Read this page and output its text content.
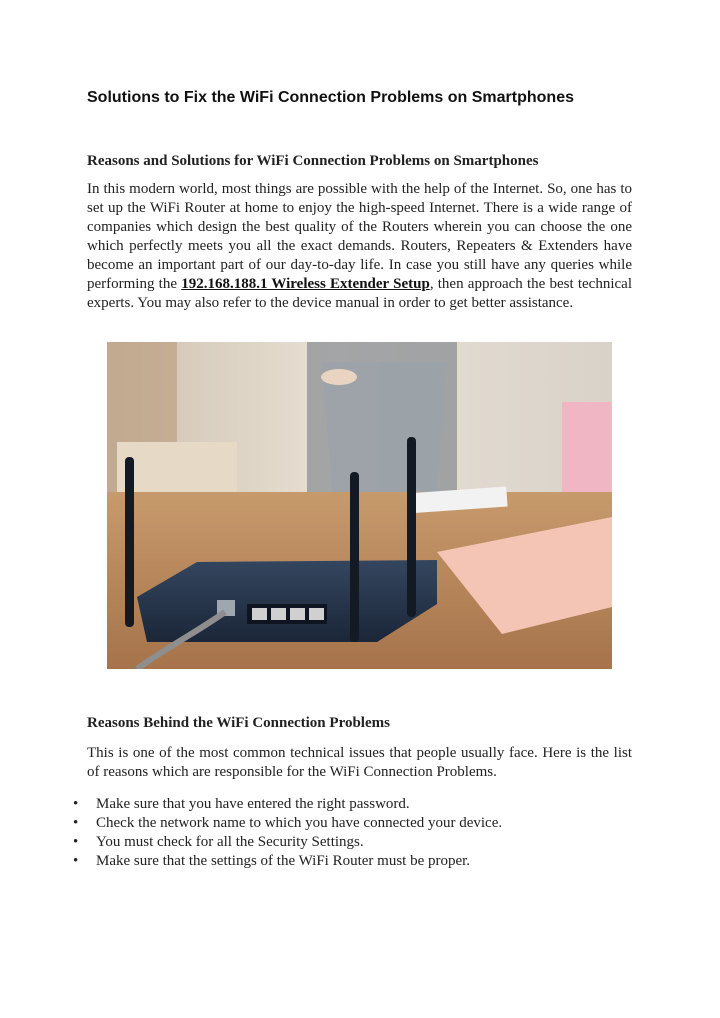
Solutions to Fix the WiFi Connection Problems on Smartphones
Reasons and Solutions for WiFi Connection Problems on Smartphones

In this modern world, most things are possible with the help of the Internet. So, one has to set up the WiFi Router at home to enjoy the high-speed Internet. There is a wide range of companies which design the best quality of the Routers wherein you can choose the one which perfectly meets you all the exact demands. Routers, Repeaters & Extenders have become an important part of our day-to-day life. In case you still have any queries while performing the 192.168.188.1 Wireless Extender Setup, then approach the best technical experts. You may also refer to the device manual in order to get better assistance.

Reasons Behind the WiFi Connection Problems

This is one of the most common technical issues that people usually face. Here is the list of reasons which are responsible for the WiFi Connection Problems.

• Make sure that you have entered the right password.
• Check the network name to which you have connected your device.
• You must check for all the Security Settings.
• Make sure that the settings of the WiFi Router must be proper.
